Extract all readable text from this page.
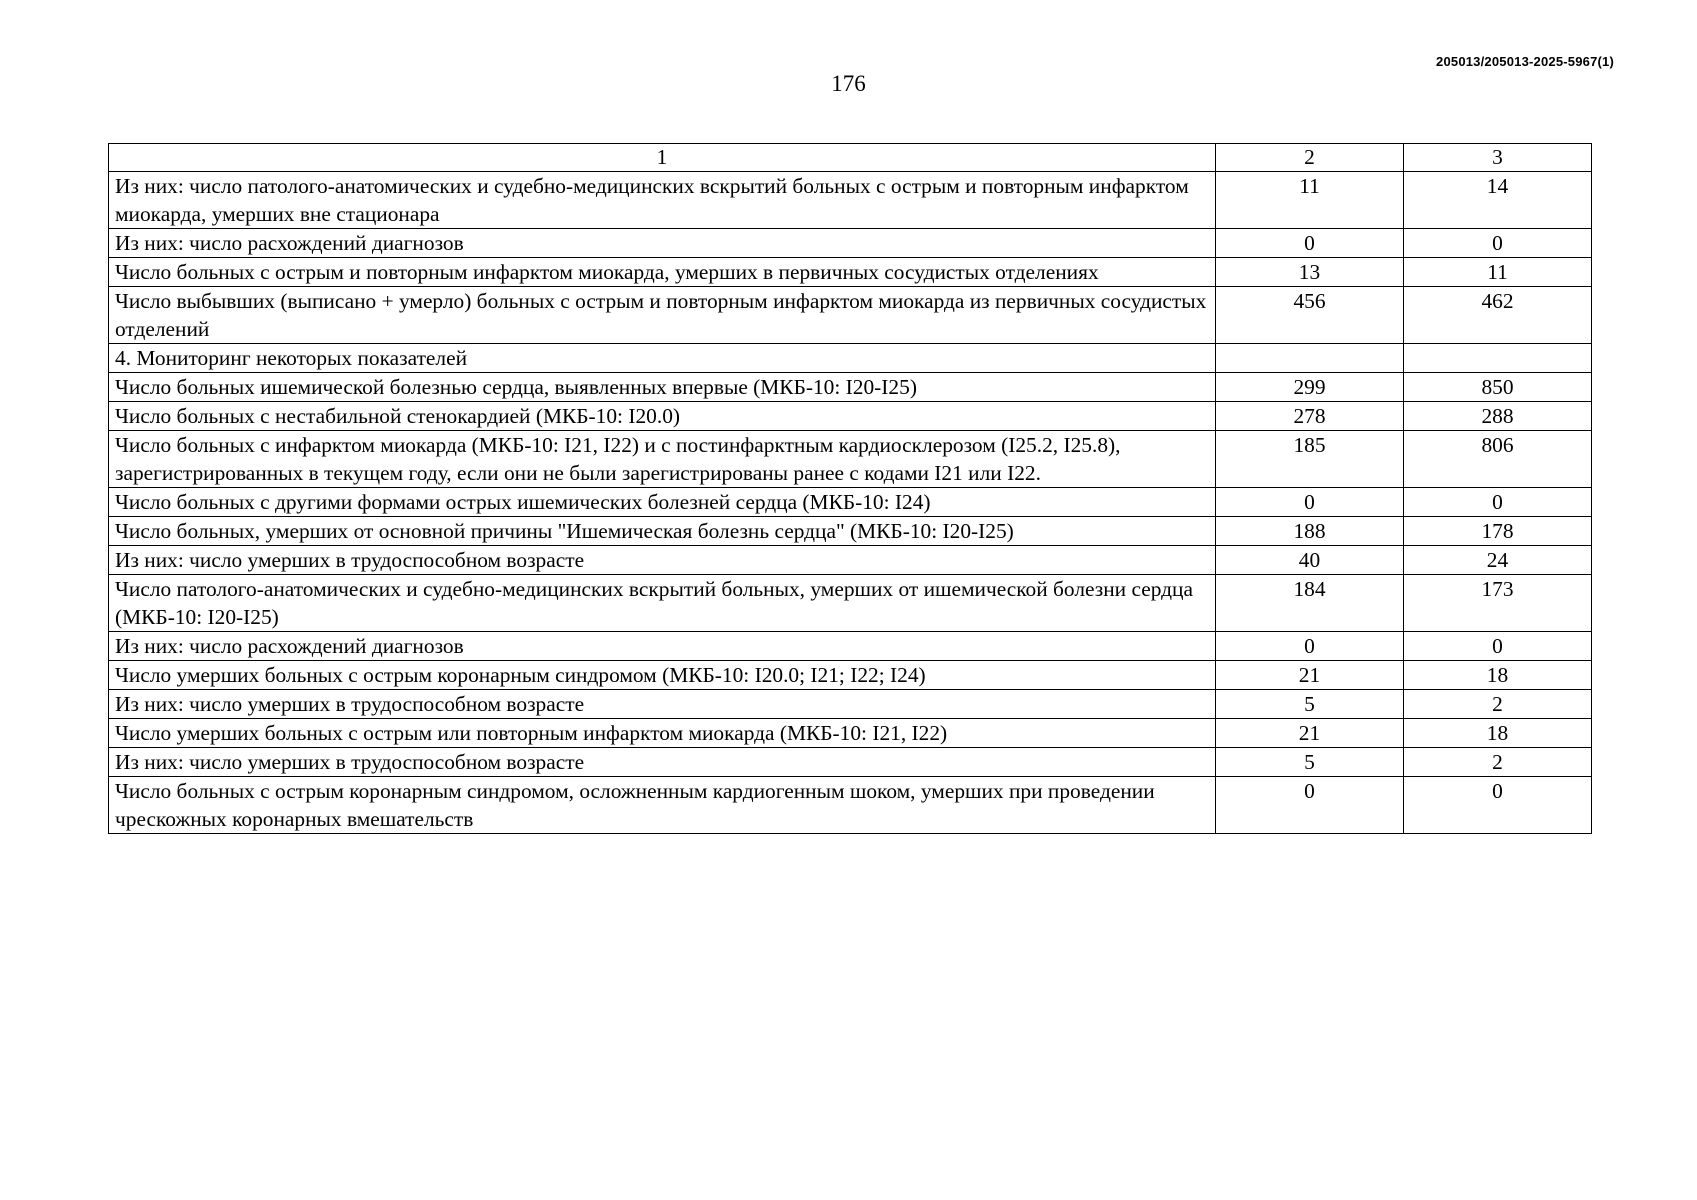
205013/205013-2025-5967(1)
176
1	2	3
Из них: число патолого-анатомических и судебно-медицинских вскрытий больных с острым и повторным инфарктом миокарда, умерших вне стационара	11	14
Из них: число расхождений диагнозов	0	0
Число больных с острым и повторным инфарктом миокарда, умерших в первичных сосудистых отделениях	13	11
Число выбывших (выписано + умерло) больных с острым и повторным инфарктом миокарда из первичных сосудистых отделений	456	462
4. Мониторинг некоторых показателей		
Число больных ишемической болезнью сердца, выявленных впервые (МКБ-10: I20-I25)	299	850
Число больных с нестабильной стенокардией (МКБ-10: I20.0)	278	288
Число больных с инфарктом миокарда (МКБ-10: I21, I22) и с постинфарктным кардиосклерозом (I25.2, I25.8), зарегистрированных в текущем году, если они не были зарегистрированы ранее с кодами I21 или I22.	185	806
Число больных с другими формами острых ишемических болезней сердца (МКБ-10: I24)	0	0
Число больных, умерших от основной причины "Ишемическая болезнь сердца" (МКБ-10: I20-I25)	188	178
Из них: число умерших в трудоспособном возрасте	40	24
Число патолого-анатомических и судебно-медицинских вскрытий больных, умерших от ишемической болезни сердца (МКБ-10: I20-I25)	184	173
Из них: число расхождений диагнозов	0	0
Число умерших больных с острым коронарным синдромом (МКБ-10: I20.0; I21; I22; I24)	21	18
Из них: число умерших в трудоспособном возрасте	5	2
Число умерших больных с острым или повторным инфарктом миокарда (МКБ-10: I21, I22)	21	18
Из них: число умерших в трудоспособном возрасте	5	2
Число больных с острым коронарным синдромом, осложненным кардиогенным шоком, умерших при проведении чрескожных коронарных вмешательств	0	0
